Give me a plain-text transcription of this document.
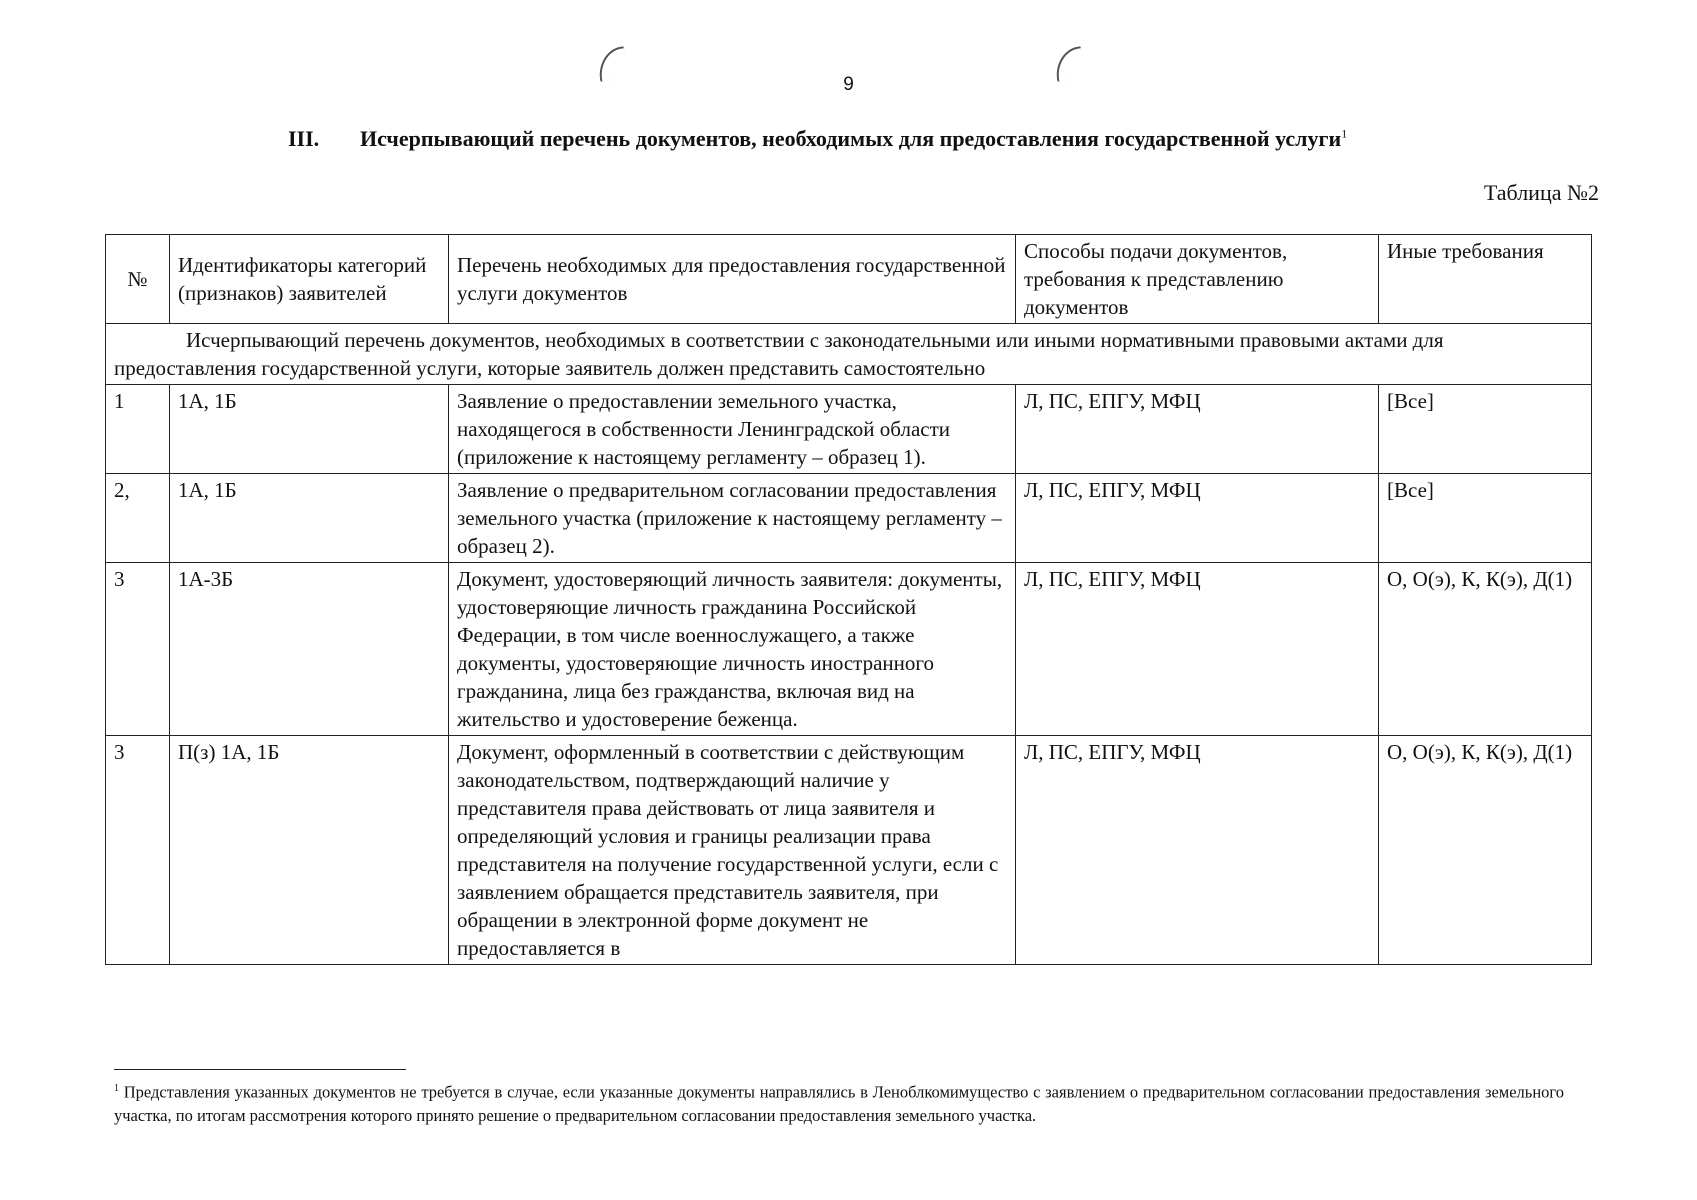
9
III. Исчерпывающий перечень документов, необходимых для предоставления государственной услуги$^1$
Таблица №2
№	Идентификаторы категорий (признаков) заявителей	Перечень необходимых для предоставления государственной услуги документов	Способы подачи документов, требования к представлению документов	Иные требования
Исчерпывающий перечень документов, необходимых в соответствии с законодательными или иными нормативными правовыми актами для предоставления государственной услуги, которые заявитель должен представить самостоятельно				
1	1А, 1Б	Заявление о предоставлении земельного участка, находящегося в собственности Ленинградской области (приложение к настоящему регламенту – образец 1).	Л, ПС, ЕПГУ, МФЦ	[Все]
2,	1А, 1Б	Заявление о предварительном согласовании предоставления земельного участка (приложение к настоящему регламенту – образец 2).	Л, ПС, ЕПГУ, МФЦ	[Все]
3	1А-3Б	Документ, удостоверяющий личность заявителя: документы, удостоверяющие личность гражданина Российской Федерации, в том числе военнослужащего, а также документы, удостоверяющие личность иностранного гражданина, лица без гражданства, включая вид на жительство и удостоверение беженца.	Л, ПС, ЕПГУ, МФЦ	О, О(э), К, К(э), Д(1)
3	П(з) 1А, 1Б	Документ, оформленный в соответствии с действующим законодательством, подтверждающий наличие у представителя права действовать от лица заявителя и определяющий условия и границы реализации права представителя на получение государственной услуги, если с заявлением обращается представитель заявителя, при обращении в электронной форме документ не предоставляется в	Л, ПС, ЕПГУ, МФЦ	О, О(э), К, К(э), Д(1)
$^1$ Представления указанных документов не требуется в случае, если указанные документы направлялись в Леноблкомимущество с заявлением о предварительном согласовании предоставления земельного участка, по итогам рассмотрения которого принято решение о предварительном согласовании предоставления земельного участка.
